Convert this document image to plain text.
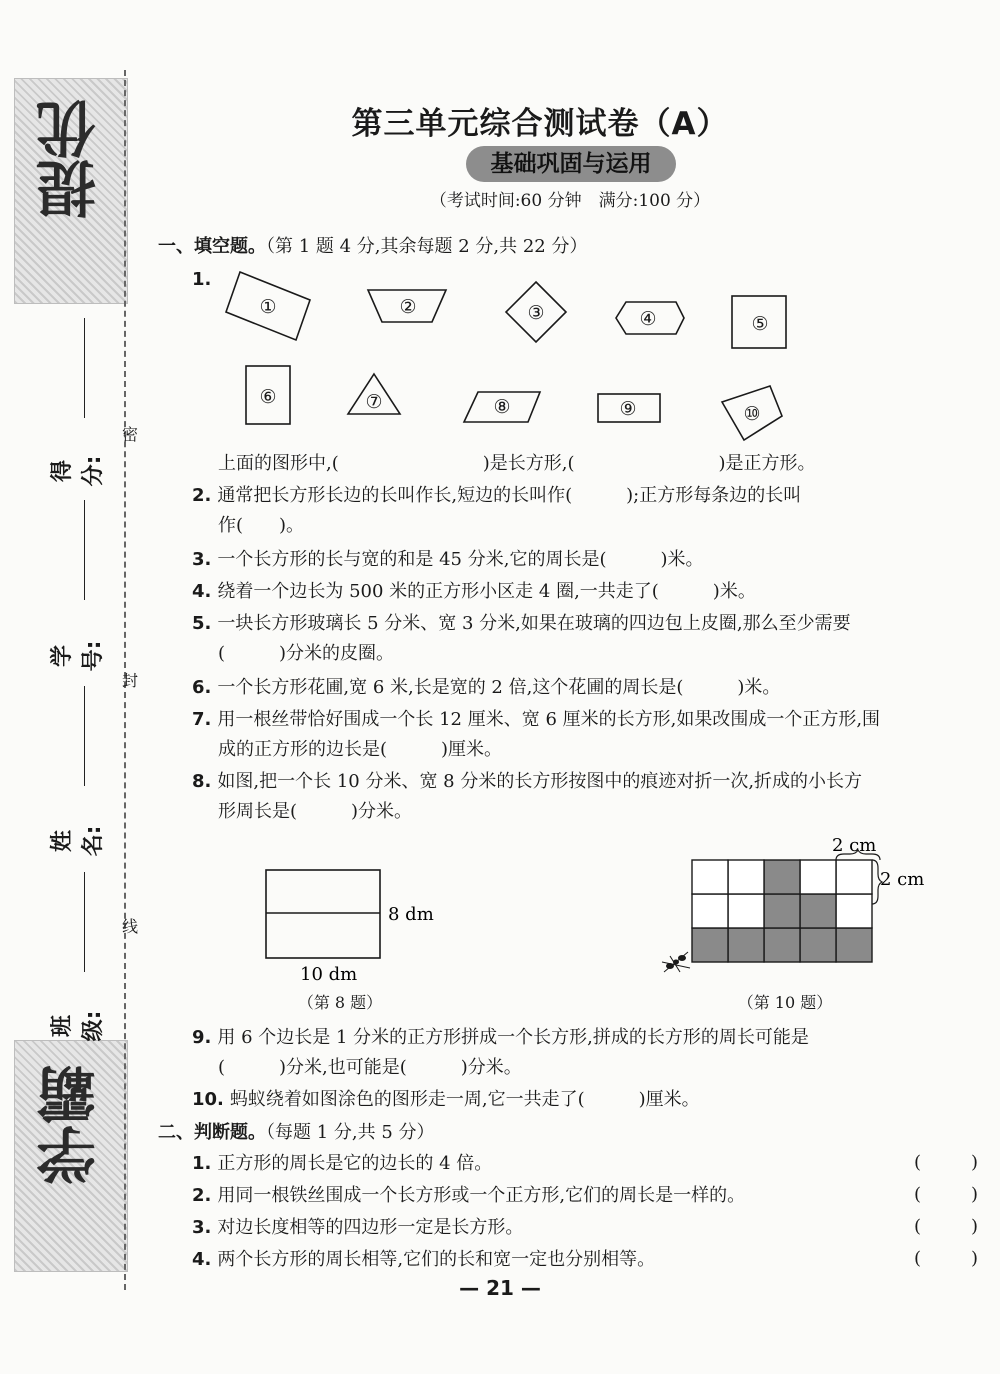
提优
学霸
得分:
学号:
姓名:
班级:
密
封
线
第三单元综合测试卷（A）
基础巩固与运用
（考试时间:60 分钟　满分:100 分）
一、填空题。（第 1 题 4 分,其余每题 2 分,共 22 分）
1.
①	②	③	④	⑤
⑥	⑦	⑧	⑨	⑩
上面的图形中,(　　　　　　　　)是长方形,(　　　　　　　　)是正方形。
2. 通常把长方形长边的长叫作长,短边的长叫作(　　　);正方形每条边的长叫
作(　　)。
3. 一个长方形的长与宽的和是 45 分米,它的周长是(　　　)米。
4. 绕着一个边长为 500 米的正方形小区走 4 圈,一共走了(　　　)米。
5. 一块长方形玻璃长 5 分米、宽 3 分米,如果在玻璃的四边包上皮圈,那么至少需要
(　　　)分米的皮圈。
6. 一个长方形花圃,宽 6 米,长是宽的 2 倍,这个花圃的周长是(　　　)米。
7. 用一根丝带恰好围成一个长 12 厘米、宽 6 厘米的长方形,如果改围成一个正方形,围
成的正方形的边长是(　　　)厘米。
8. 如图,把一个长 10 分米、宽 8 分米的长方形按图中的痕迹对折一次,折成的小长方
形周长是(　　　)分米。
8 dm
10 dm
（第 8 题）
2 cm
2 cm
（第 10 题）
9. 用 6 个边长是 1 分米的正方形拼成一个长方形,拼成的长方形的周长可能是
(　　　)分米,也可能是(　　　)分米。
10. 蚂蚁绕着如图涂色的图形走一周,它一共走了(　　　)厘米。
二、判断题。（每题 1 分,共 5 分）
1. 正方形的周长是它的边长的 4 倍。	(	)
2. 用同一根铁丝围成一个长方形或一个正方形,它们的周长是一样的。	(	)
3. 对边长度相等的四边形一定是长方形。	(	)
4. 两个长方形的周长相等,它们的长和宽一定也分别相等。	(	)
— 21 —
